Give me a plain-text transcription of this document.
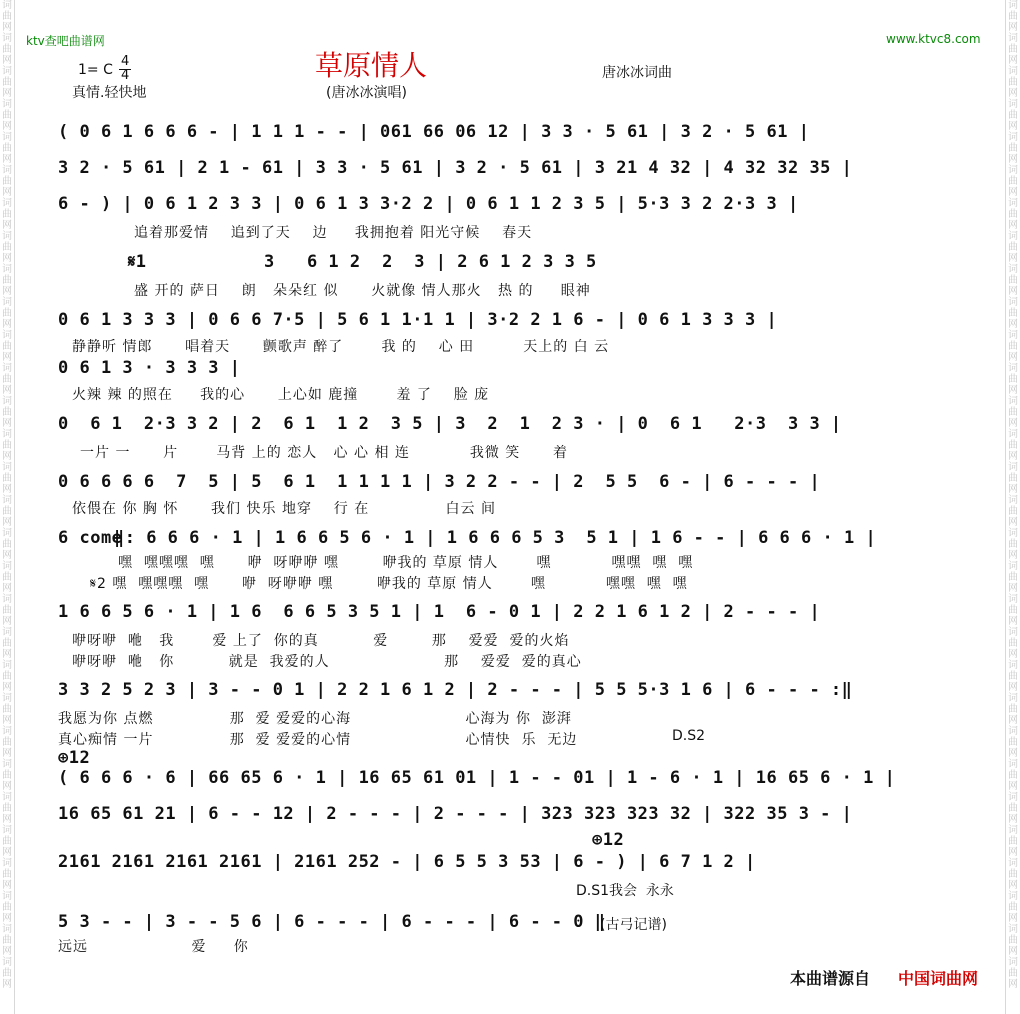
词
曲
网
词
曲
网
词
曲
网
词
曲
网
词
曲
网
词
曲
网
词
曲
网
词
曲
网
词
曲
网
词
曲
网
词
曲
网
词
曲
网
词
曲
网
词
曲
网
词
曲
网
词
曲
网
词
曲
网
词
曲
网
词
曲
网
词
曲
网
词
曲
网
词
曲
网
词
曲
网
词
曲
网
词
曲
网
词
曲
网
词
曲
网
词
曲
网
词
曲
网
词
曲
网
词
曲
网
词
曲
网
词
曲
网
词
曲
网
词
曲
网
词
曲
网
词
曲
网
词
曲
网
词
曲
网
词
曲
网
词
曲
网
词
曲
网
词
曲
网
词
曲
网
词
曲
网
词
曲
网
词
曲
网
词
曲
网
词
曲
网
词
曲
网
词
曲
网
词
曲
网
词
曲
网
词
曲
网
词
曲
网
词
曲
网
词
曲
网
词
曲
网
词
曲
网
词
曲
网
ktv查吧曲谱网	www.ktvc8.com
草原情人
(唐冰冰演唱)
1= C
4
4
真情.轻快地
唐冰冰词曲
( 0 6 1 6 6 6 - | 1 1 1 - - | 061 66 06 12 | 3 3 · 5 61 | 3 2 · 5 61 |
3 2 · 5 61 | 2 1 - 61 | 3 3 · 5 61 | 3 2 · 5 61 | 3 21 4 32 | 4 32 32 35 |
6 - ) | 0 6 1 2 3 3 | 0 6 1 3 3·2 2 | 0 6 1 1 2 3 5 | 5·3 3 2 2·3 3 |
追着那爱情    追到了天    边     我拥抱着 阳光守候    春天
𝄋1	3   6 1 2  2  3 | 2 6 1 2 3 3 5
盛 开的 萨日    朗   朵朵红 似      火就像 情人那火   热 的     眼神
0 6 1 3 3 3 | 0 6 6 7·5 | 5 6 1 1·1 1 | 3·2 2 1 6 - | 0 6 1 3 3 3 |
静静听 情郎      唱着天      颤歌声 醉了       我 的    心 田         天上的 白 云
0 6 1 3 · 3 3 3 |
火辣 辣 的照在     我的心      上心如 鹿撞       羞 了    脸 庞
0  6 1  2·3 3 2 | 2  6 1  1 2  3 5 | 3  2  1  2 3 · | 0  6 1   2·3  3 3 |
一片 一      片       马背 上的 恋人   心 心 相 连           我微 笑      着
0 6 6 6 6  7  5 | 5  6 1  1 1 1 1 | 3 2 2 - - | 2  5 5  6 - | 6 - - - |
依偎在 你 胸 怀      我们 快乐 地穿    行 在              白云 间
6 come
‖: 6 6 6 · 1 | 1 6 6 5 6 · 1 | 1 6 6 6 5 3  5 1 | 1 6 - - | 6 6 6 · 1 |
嘿  嘿嘿嘿  嘿      咿  呀咿咿 嘿        咿我的 草原 情人       嘿           嘿嘿  嘿  嘿
𝄋2 嘿  嘿嘿嘿  嘿      咿  呀咿咿 嘿        咿我的 草原 情人       嘿           嘿嘿  嘿  嘿
1 6 6 5 6 · 1 | 1 6  6 6 5 3 5 1 | 1  6 - 0 1 | 2 2 1 6 1 2 | 2 - - - |
咿呀咿  咃   我       爱 上了  你的真          爱        那    爱爱  爱的火焰
咿呀咿  咃   你          就是  我爱的人                     那    爱爱  爱的真心
3 3 2 5 2 3 | 3 - - 0 1 | 2 2 1 6 1 2 | 2 - - - | 5 5 5·3 1 6 | 6 - - - :‖
我愿为你 点燃              那  爱 爱爱的心海                     心海为 你  澎湃
真心痴情 一片              那  爱 爱爱的心情                     心情快  乐  无边	D.S2
⊕12
( 6 6 6 · 6 | 66 65 6 · 1 | 16 65 61 01 | 1 - - 01 | 1 - 6 · 1 | 16 65 6 · 1 |
16 65 61 21 | 6 - - 12 | 2 - - - | 2 - - - | 323 323 323 32 | 322 35 3 - |
⊕12
2161 2161 2161 2161 | 2161 252 - | 6 5 5 3 53 | 6 - ) | 6 7 1 2 |
D.S1我会  永永
5 3 - - | 3 - - 5 6 | 6 - - - | 6 - - - | 6 - - 0 ‖
(古弓记谱)
远远                   爱     你
本曲谱源自 中国词曲网
